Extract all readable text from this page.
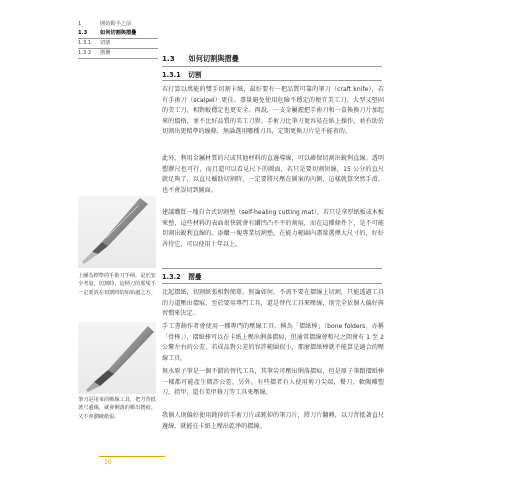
1	開始動手之前
1.3	如何切割與摺疊
1.3.1	切割
1.3.2	摺疊
1.3 如何切割與摺疊
1.3.1 切割

若打算以萬能的雙手切割卡紙，最好要有一把品質可靠的筆刀（craft knife），若有手術刀（scalpel）更佳。盡量避免使用危險不穩定的便宜美工刀，大型又堅固的美工刀，相對較穩定也更安全。再說，一支金屬握把手術刀和一盒換換刀片加起來的價格，並不比好品質的美工刀貴。手術刀比筆刀更容易在紙上操作，並有助於切割出更精準的線條，無論選用哪種刀具，定期更換刀片是不能省的。

此外，利用金屬材質的尺或其他材料的直邊導線，可以確保切割出銳利直線。透明塑膠尺也可行，而且還可以看見尺下的圖面，若只是要切割短線，15 公分的直尺就足夠了，以直尺輔助切割時，一定要將尺壓在圖案的內側，這樣就算突然手滑，也不會誤切到圖面。

建議購買一塊自合式切割墊（self-healing cutting mat），若只是拿厚紙板或木板來墊，這些材料的表面很快就會有纖凹凸不平的割痕，而在這種條件下，是不可能切割出銳利直線的。添購一塊專業切割墊，在能力範圍內盡量選擇大尺寸的，好好善待它，可以使用十年以上。

1.3.2 摺疊

比起摺紙，切割紙張相對簡單。無論如何，不需不要在摺線上切割，只能透過工具的力道壓出摺痕，至於要用專門工具，還是替代工具來壓線，則完全依個人偏好與習慣來決定。

手工書創作者會使用一種專門的壓線工具，稱為「摺紙棒」（bone folders，亦稱「骨棒」），摺紙棒可以在卡紙上壓出俐落摺痕，但通常摺線會和尺之間會有 1 至 2 公釐左右的公差，若成品對公差的容許範圍很小，那麼摺紙棒就不能算是適合的壓線工具。

無水原子筆是一個不錯的替代工具，其筆尖可壓出俐落摺痕，但是原子筆跟摺紙棒一樣都可能產生微許公差，另外，有些摺者有人使用剪刀尖端，餐刀，軟陶雕塑刀，指甲，還有美甲修刀等工具來壓線。

我個人則偏好使用鈍掉的手術刀片或鈍掉的筆刀片，將刀片翻轉，以刀背抵著直尺邊線，就能在卡紙上壓出乾淨的摺線。

上圖為標準的手術刀手柄，是於安全考量，切割時，這柄刀的那隻手一定要放在切割時的始始處之方。

筆刀是用來的壓線工具，把刀背抵著尺邊線，就會俐落的壓出摺痕。又不會劃破紙張。

10
